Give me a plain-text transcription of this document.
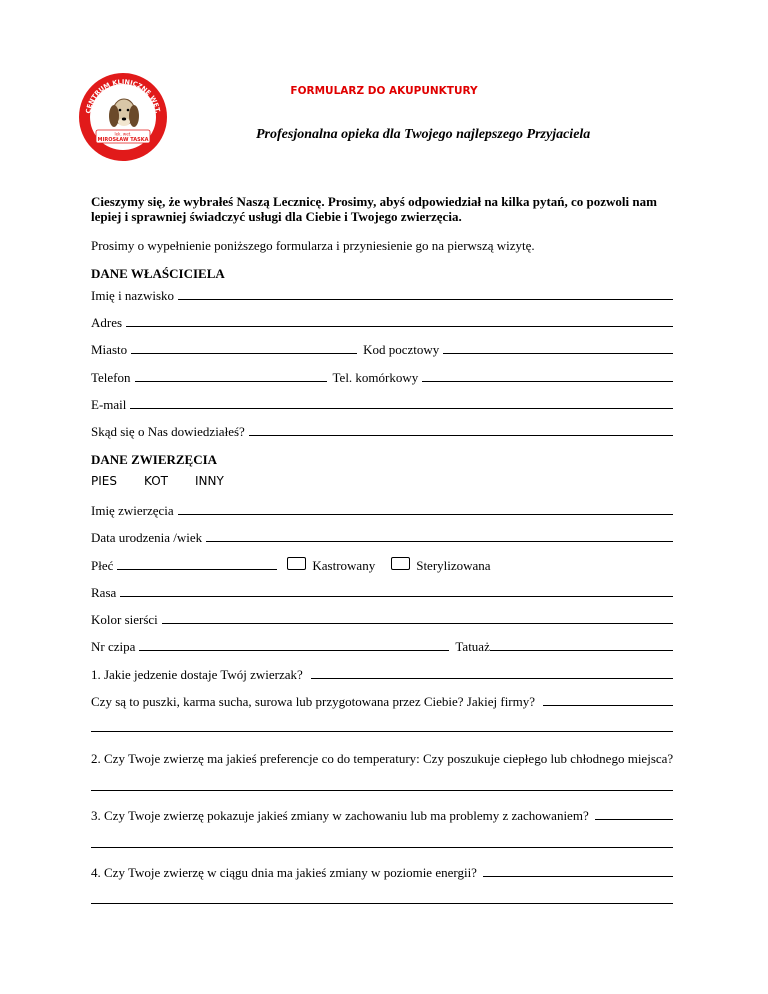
CENTRUM KLINICZNE WET.
lek. wet.
MIROSŁAW TASKA
FORMULARZ DO AKUPUNKTURY
Profesjonalna opieka dla Twojego najlepszego Przyjaciela
Cieszymy się, że wybrałeś Naszą Lecznicę. Prosimy, abyś odpowiedział na kilka pytań, co pozwoli nam lepiej i sprawniej świadczyć usługi dla Ciebie i Twojego zwierzęcia.
Prosimy o wypełnienie poniższego formularza i przyniesienie go na pierwszą wizytę.
DANE WŁAŚCICIELA
Imię i nazwisko
Adres
Miasto	Kod pocztowy
Telefon	Tel. komórkowy
E-mail
Skąd się o Nas dowiedziałeś?
DANE ZWIERZĘCIA
PIES KOT INNY
Imię zwierzęcia
Data urodzenia /wiek
Płeć	Kastrowany	Sterylizowana
Rasa
Kolor sierści
Nr czipa	Tatuaż
1. Jakie jedzenie dostaje Twój zwierzak?
Czy są to puszki, karma sucha, surowa lub przygotowana przez Ciebie? Jakiej firmy?
2. Czy Twoje zwierzę ma jakieś preferencje co do temperatury: Czy poszukuje ciepłego lub chłodnego miejsca?
3. Czy Twoje zwierzę pokazuje jakieś zmiany w zachowaniu lub ma problemy z zachowaniem?
4. Czy Twoje zwierzę w ciągu dnia ma jakieś zmiany w poziomie energii?
